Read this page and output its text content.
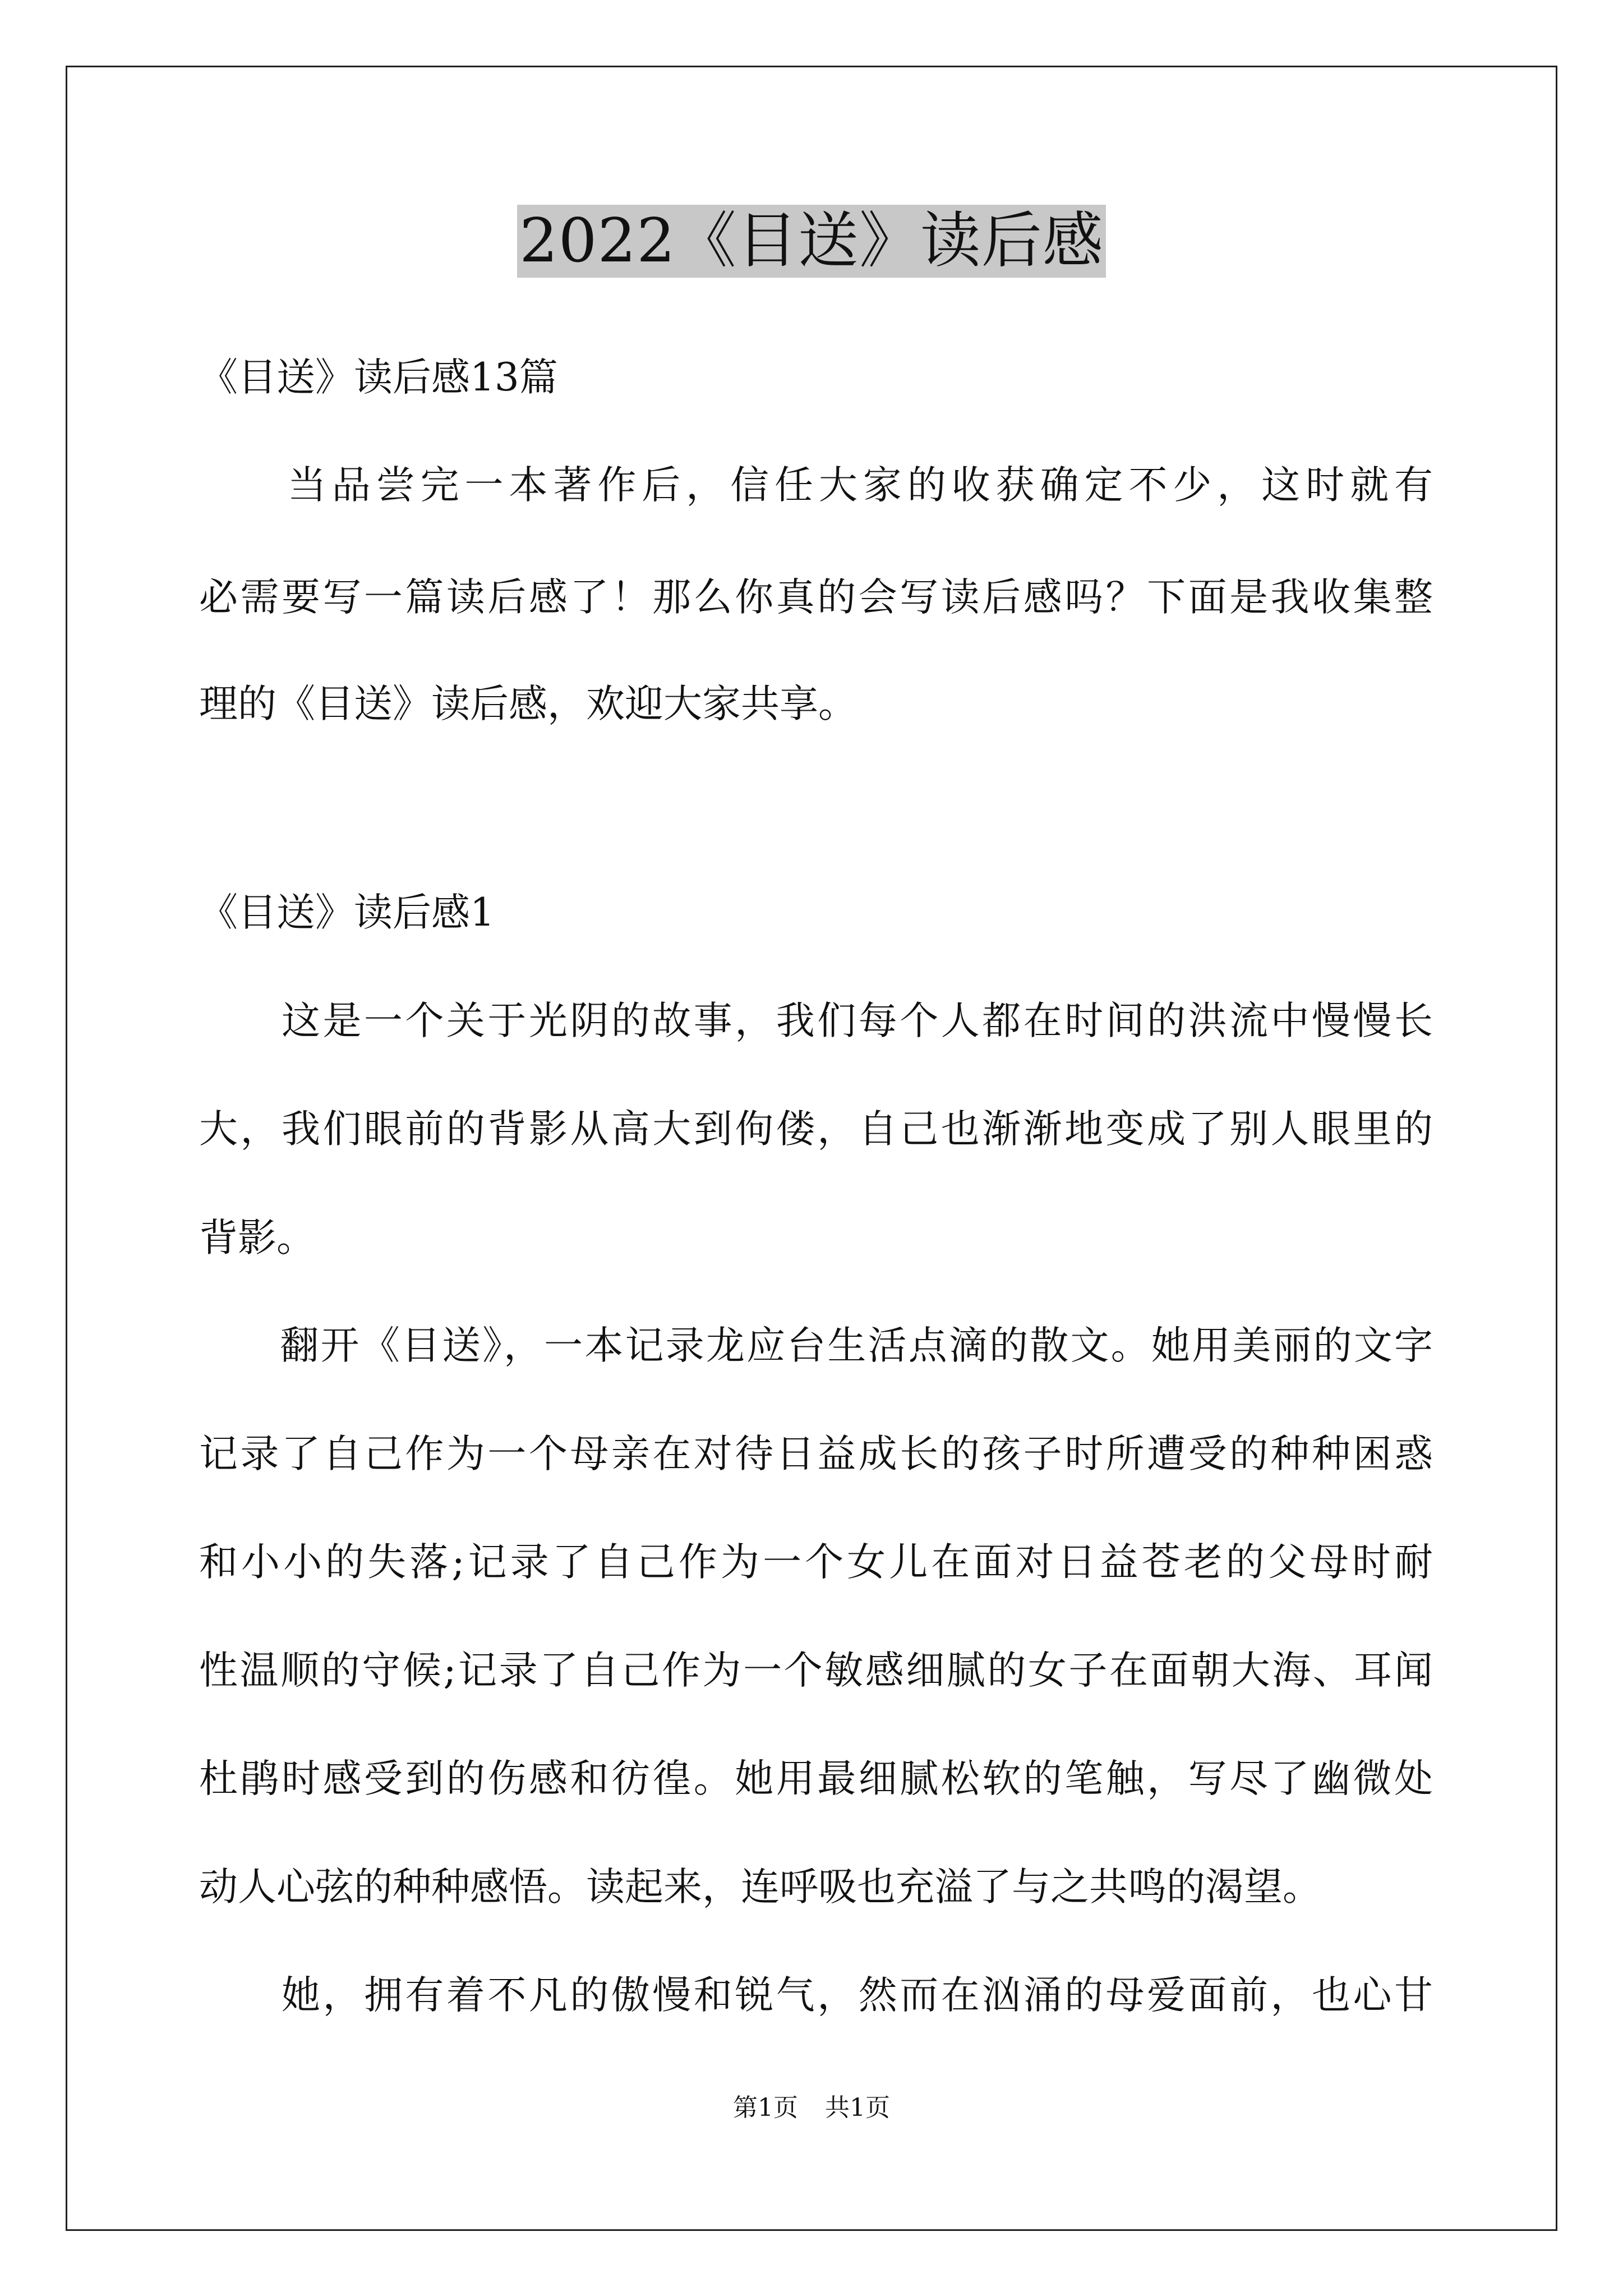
2022《目送》读后感
《目送》读后感13篇
　　当品尝完一本著作后，信任大家的收获确定不少，这时就有
必需要写一篇读后感了！那么你真的会写读后感吗？下面是我收集整
理的《目送》读后感，欢迎大家共享。
《目送》读后感1
　　这是一个关于光阴的故事，我们每个人都在时间的洪流中慢慢长
大，我们眼前的背影从高大到佝偻，自己也渐渐地变成了别人眼里的
背影。
　　翻开《目送》，一本记录龙应台生活点滴的散文。她用美丽的文字
记录了自己作为一个母亲在对待日益成长的孩子时所遭受的种种困惑
和小小的失落;记录了自己作为一个女儿在面对日益苍老的父母时耐
性温顺的守候;记录了自己作为一个敏感细腻的女子在面朝大海、耳闻
杜鹃时感受到的伤感和彷徨。她用最细腻松软的笔触，写尽了幽微处
动人心弦的种种感悟。读起来，连呼吸也充溢了与之共鸣的渴望。
　　她，拥有着不凡的傲慢和锐气，然而在汹涌的母爱面前，也心甘
第1页 共1页
